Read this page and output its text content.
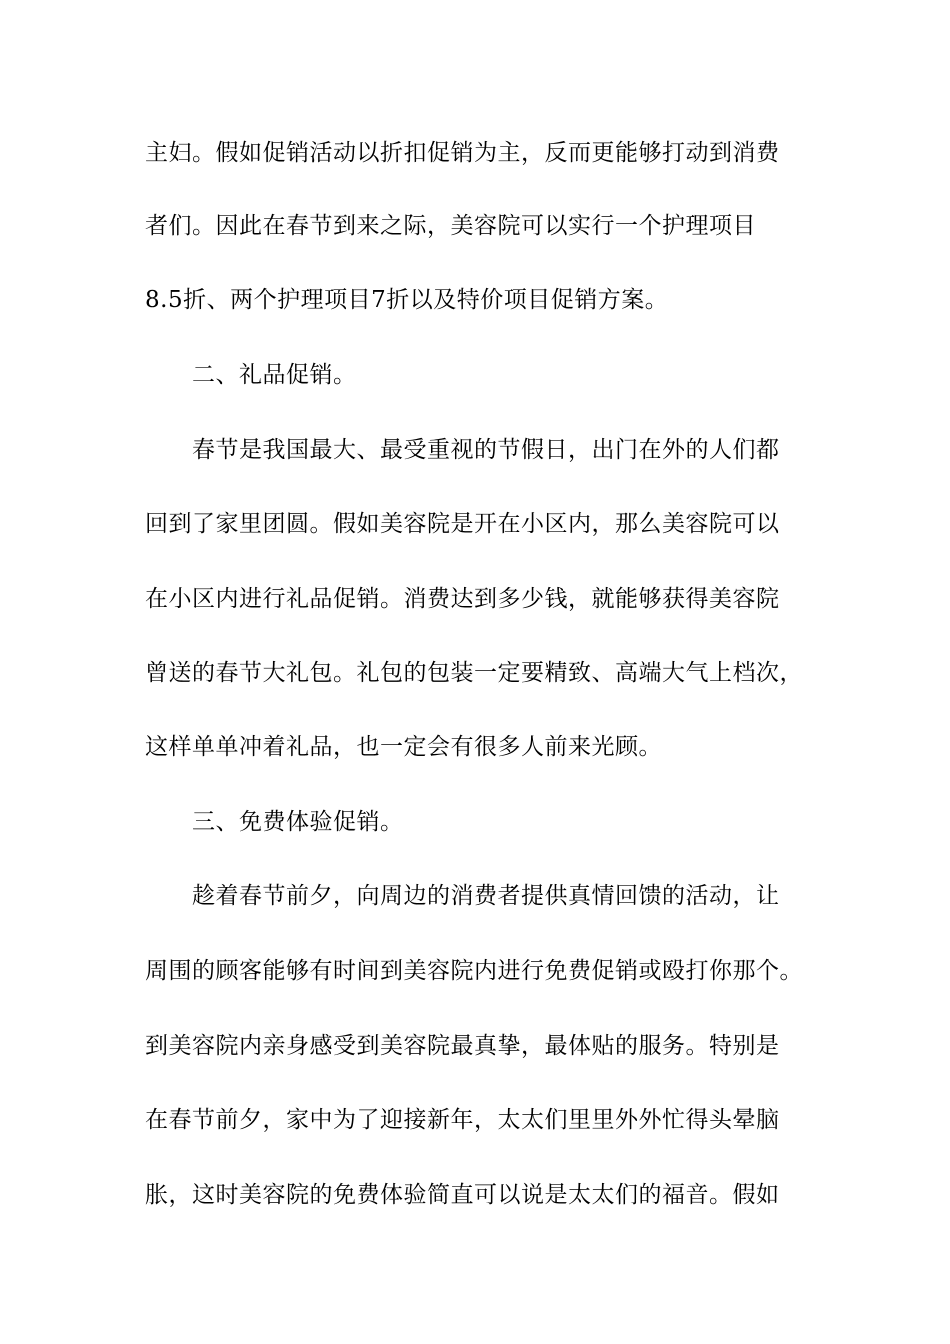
主妇。假如促销活动以折扣促销为主，反而更能够打动到消费
者们。因此在春节到来之际，美容院可以实行一个护理项目
8.5折、两个护理项目7折以及特价项目促销方案。
二、礼品促销。
春节是我国最大、最受重视的节假日，出门在外的人们都
回到了家里团圆。假如美容院是开在小区内，那么美容院可以
在小区内进行礼品促销。消费达到多少钱，就能够获得美容院
曾送的春节大礼包。礼包的包装一定要精致、高端大气上档次，
这样单单冲着礼品，也一定会有很多人前来光顾。
三、免费体验促销。
趁着春节前夕，向周边的消费者提供真情回馈的活动，让
周围的顾客能够有时间到美容院内进行免费促销或殴打你那个。
到美容院内亲身感受到美容院最真挚，最体贴的服务。特别是
在春节前夕，家中为了迎接新年，太太们里里外外忙得头晕脑
胀，这时美容院的免费体验简直可以说是太太们的福音。假如
